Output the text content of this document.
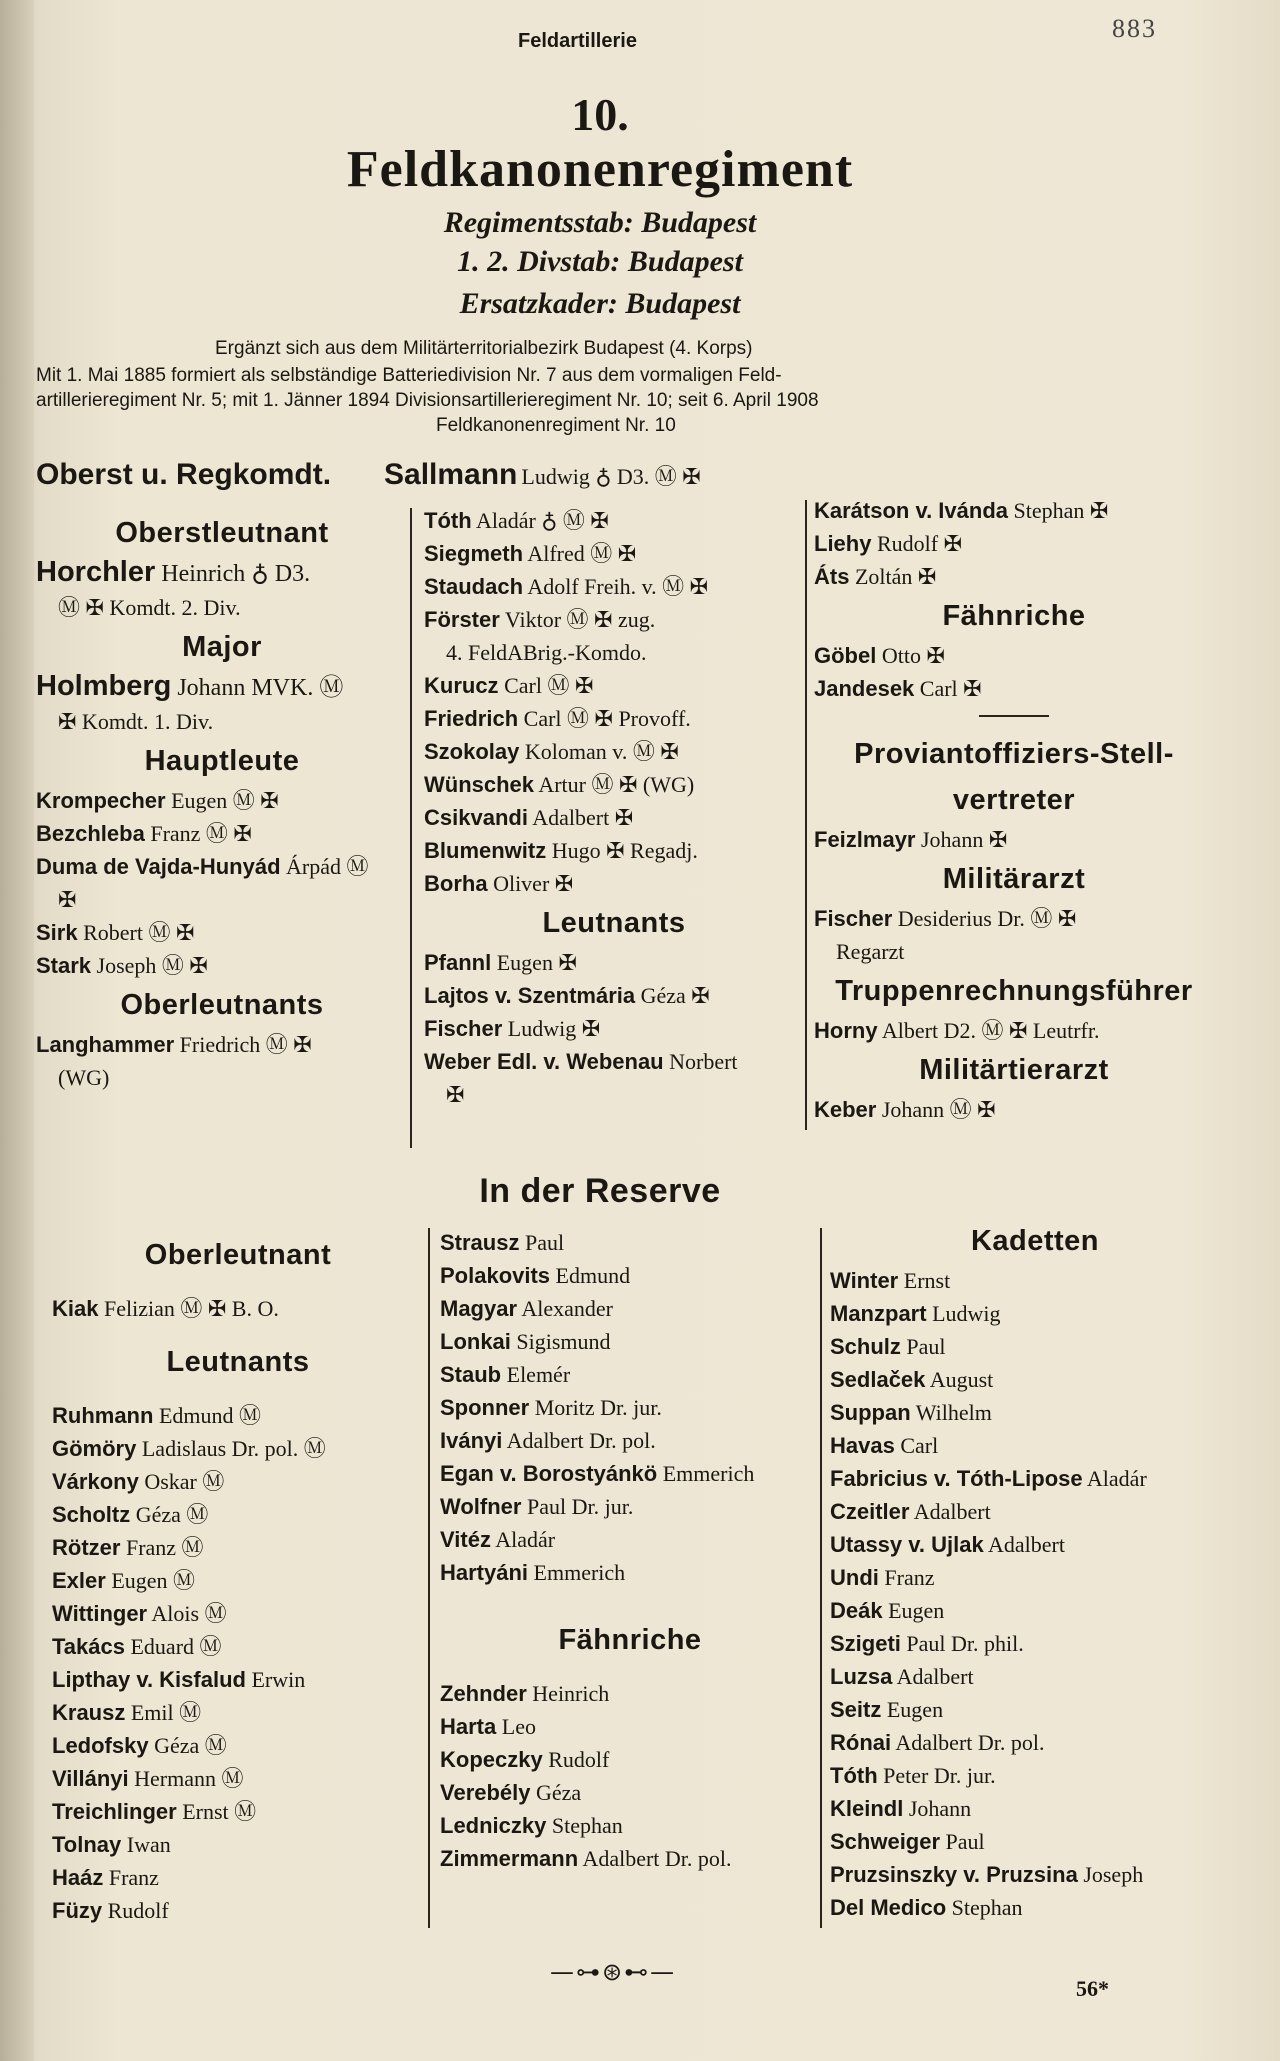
Feldartillerie	883
10.
Feldkanonenregiment
Regimentsstab: Budapest
1. 2. Divstab: Budapest
Ersatzkader: Budapest
Ergänzt sich aus dem Militärterritorialbezirk Budapest (4. Korps)
Mit 1. Mai 1885 formiert als selbständige Batteriedivision Nr. 7 aus dem vormaligen Feld-
artillerieregiment Nr. 5; mit 1. Jänner 1894 Divisionsartillerieregiment Nr. 10; seit 6. April 1908
Feldkanonenregiment Nr. 10
Oberst u. Regkomdt. Sallmann Ludwig ♁ D3. Ⓜ ✠
Oberstleutnant
Horchler Heinrich ♁ D3.
Ⓜ ✠ Komdt. 2. Div.
Major
Holmberg Johann MVK. Ⓜ
✠ Komdt. 1. Div.
Hauptleute
Krompecher Eugen Ⓜ ✠
Bezchleba Franz Ⓜ ✠
Duma de Vajda-Hunyád Árpád Ⓜ
✠
Sirk Robert Ⓜ ✠
Stark Joseph Ⓜ ✠
Oberleutnants
Langhammer Friedrich Ⓜ ✠
(WG)
Tóth Aladár ♁ Ⓜ ✠
Siegmeth Alfred Ⓜ ✠
Staudach Adolf Freih. v. Ⓜ ✠
Förster Viktor Ⓜ ✠ zug.
4. FeldABrig.-Komdo.
Kurucz Carl Ⓜ ✠
Friedrich Carl Ⓜ ✠ Provoff.
Szokolay Koloman v. Ⓜ ✠
Wünschek Artur Ⓜ ✠ (WG)
Csikvandi Adalbert ✠
Blumenwitz Hugo ✠ Regadj.
Borha Oliver ✠
Leutnants
Pfannl Eugen ✠
Lajtos v. Szentmária Géza ✠
Fischer Ludwig ✠
Weber Edl. v. Webenau Norbert
✠
Karátson v. Ivánda Stephan ✠
Liehy Rudolf ✠
Áts Zoltán ✠
Fähnriche
Göbel Otto ✠
Jandesek Carl ✠
Proviantoffiziers-Stell-
vertreter
Feizlmayr Johann ✠
Militärarzt
Fischer Desiderius Dr. Ⓜ ✠
Regarzt
Truppenrechnungsführer
Horny Albert D2. Ⓜ ✠ Leutrfr.
Militärtierarzt
Keber Johann Ⓜ ✠
In der Reserve
Oberleutnant
Kiak Felizian Ⓜ ✠ B. O.
Leutnants
Ruhmann Edmund Ⓜ
Gömöry Ladislaus Dr. pol. Ⓜ
Várkony Oskar Ⓜ
Scholtz Géza Ⓜ
Rötzer Franz Ⓜ
Exler Eugen Ⓜ
Wittinger Alois Ⓜ
Takács Eduard Ⓜ
Lipthay v. Kisfalud Erwin
Krausz Emil Ⓜ
Ledofsky Géza Ⓜ
Villányi Hermann Ⓜ
Treichlinger Ernst Ⓜ
Tolnay Iwan
Haáz Franz
Füzy Rudolf
Strausz Paul
Polakovits Edmund
Magyar Alexander
Lonkai Sigismund
Staub Elemér
Sponner Moritz Dr. jur.
Iványi Adalbert Dr. pol.
Egan v. Borostyánkö Emmerich
Wolfner Paul Dr. jur.
Vitéz Aladár
Hartyáni Emmerich
Fähnriche
Zehnder Heinrich
Harta Leo
Kopeczky Rudolf
Verebély Géza
Ledniczky Stephan
Zimmermann Adalbert Dr. pol.
Kadetten
Winter Ernst
Manzpart Ludwig
Schulz Paul
Sedlaček August
Suppan Wilhelm
Havas Carl
Fabricius v. Tóth-Lipose Aladár
Czeitler Adalbert
Utassy v. Ujlak Adalbert
Undi Franz
Deák Eugen
Szigeti Paul Dr. phil.
Luzsa Adalbert
Seitz Eugen
Rónai Adalbert Dr. pol.
Tóth Peter Dr. jur.
Kleindl Johann
Schweiger Paul
Pruzsinszky v. Pruzsina Joseph
Del Medico Stephan
—⊶⊛⊷—
56*
